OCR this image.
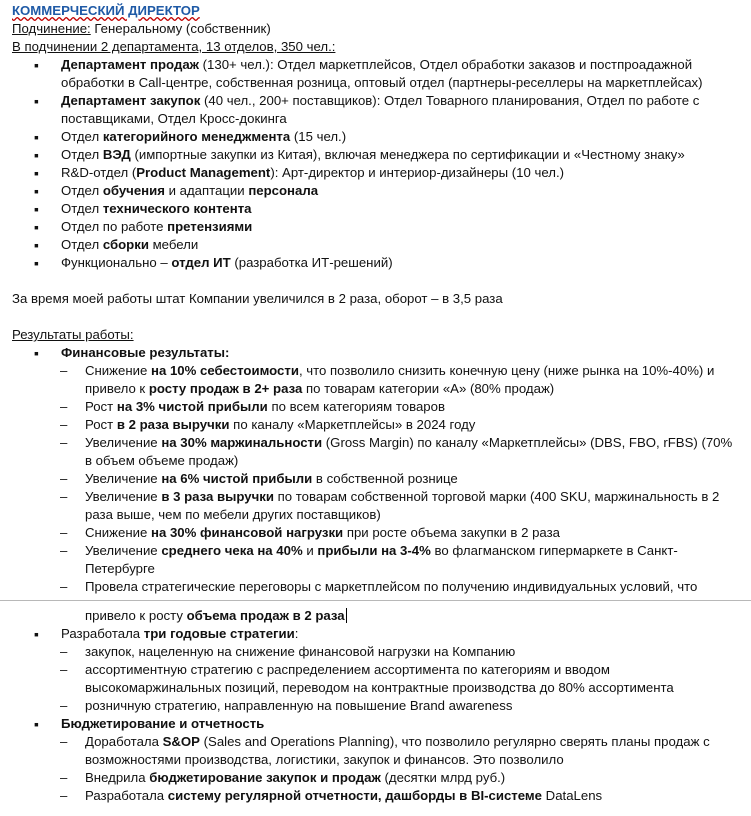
КОММЕРЧЕСКИЙ ДИРЕКТОР
Подчинение: Генеральному (собственник)
В подчинении 2 департамента, 13 отделов, 350 чел.:
▪ Департамент продаж (130+ чел.): Отдел маркетплейсов, Отдел обработки заказов и постпроадажной обработки в Call-центре, собственная розница, оптовый отдел (партнеры-реселлеры на маркетплейсах)
▪ Департамент закупок (40 чел., 200+ поставщиков): Отдел Товарного планирования, Отдел по работе с поставщиками, Отдел Кросс-докинга
▪ Отдел категорийного менеджмента (15 чел.)
▪ Отдел ВЭД (импортные закупки из Китая), включая менеджера по сертификации и «Честному знаку»
▪ R&D-отдел (Product Management): Арт-директор и интериор-дизайнеры (10 чел.)
▪ Отдел обучения и адаптации персонала
▪ Отдел технического контента
▪ Отдел по работе претензиями
▪ Отдел сборки мебели
▪ Функционально – отдел ИТ (разработка ИТ-решений)
За время моей работы штат Компании увеличился в 2 раза, оборот – в 3,5 раза
Результаты работы:
▪ Финансовые результаты:
– Снижение на 10% себестоимости, что позволило снизить конечную цену (ниже рынка на 10%-40%) и привело к росту продаж в 2+ раза по товарам категории «А» (80% продаж)
– Рост на 3% чистой прибыли по всем категориям товаров
– Рост в 2 раза выручки по каналу «Маркетплейсы» в 2024 году
– Увеличение на 30% маржинальности (Gross Margin) по каналу «Маркетплейсы» (DBS, FBO, rFBS) (70% в объем объеме продаж)
– Увеличение на 6% чистой прибыли в собственной рознице
– Увеличение в 3 раза выручки по товарам собственной торговой марки (400 SKU, маржинальность в 2 раза выше, чем по мебели других поставщиков)
– Снижение на 30% финансовой нагрузки при росте объема закупки в 2 раза
– Увеличение среднего чека на 40% и прибыли на 3-4% во флагманском гипермаркете в Санкт-Петербурге
– Провела стратегические переговоры с маркетплейсом по получению индивидуальных условий, что
привело к росту объема продаж в 2 раза
▪ Разработала три годовые стратегии:
– закупок, нацеленную на снижение финансовой нагрузки на Компанию
– ассортиментную стратегию с распределением ассортимента по категориям и вводом высокомаржинальных позиций, переводом на контрактные производства до 80% ассортимента
– розничную стратегию, направленную на повышение Brand awareness
▪ Бюджетирование и отчетность
– Доработала S&OP (Sales and Operations Planning), что позволило регулярно сверять планы продаж с возможностями производства, логистики, закупок и финансов. Это позволило
– Внедрила бюджетирование закупок и продаж (десятки млрд руб.)
– Разработала систему регулярной отчетности, дашборды в BI-системе DataLens
